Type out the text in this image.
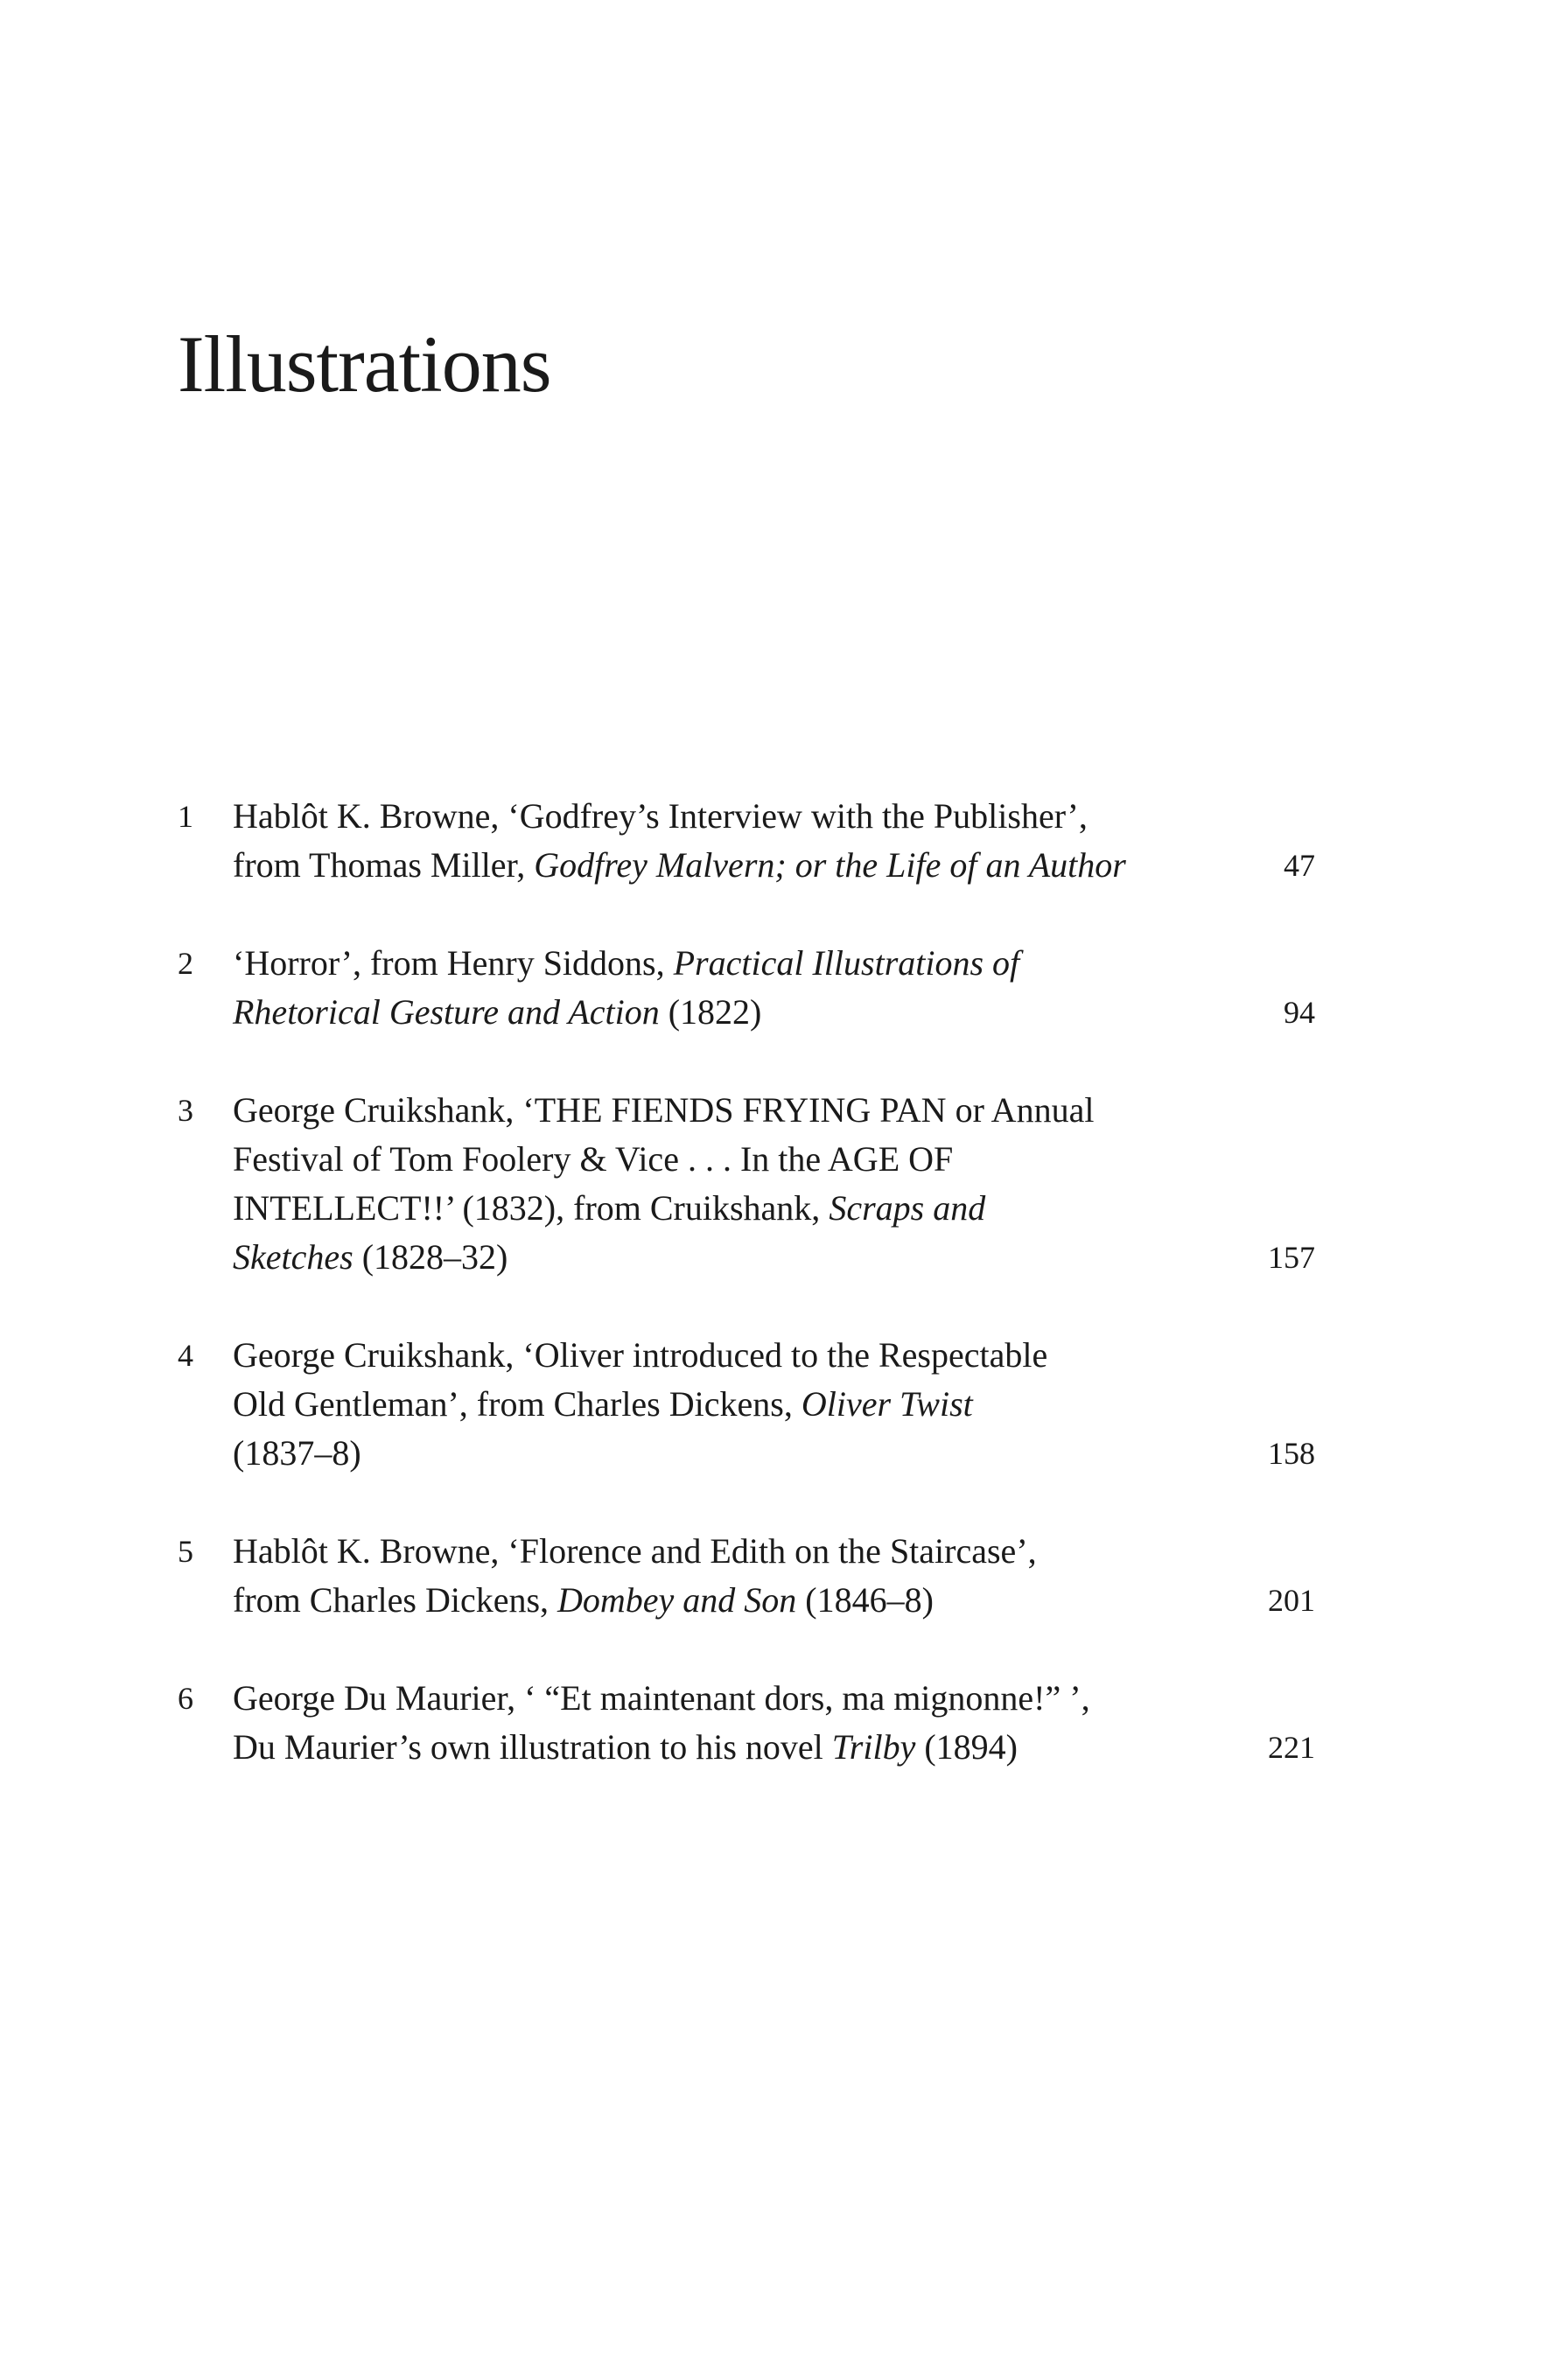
Illustrations
1 Hablôt K. Browne, ‘Godfrey’s Interview with the Publisher’,
from Thomas Miller, Godfrey Malvern; or the Life of an Author	47
2 ‘Horror’, from Henry Siddons, Practical Illustrations of
Rhetorical Gesture and Action (1822)	94
3 George Cruikshank, ‘THE FIENDS FRYING PAN or Annual
Festival of Tom Foolery & Vice . . . In the AGE OF
INTELLECT!!’ (1832), from Cruikshank, Scraps and
Sketches (1828–32)	157
4 George Cruikshank, ‘Oliver introduced to the Respectable
Old Gentleman’, from Charles Dickens, Oliver Twist
(1837–8)	158
5 Hablôt K. Browne, ‘Florence and Edith on the Staircase’,
from Charles Dickens, Dombey and Son (1846–8)	201
6 George Du Maurier, ‘ “Et maintenant dors, ma mignonne!” ’,
Du Maurier’s own illustration to his novel Trilby (1894)	221
